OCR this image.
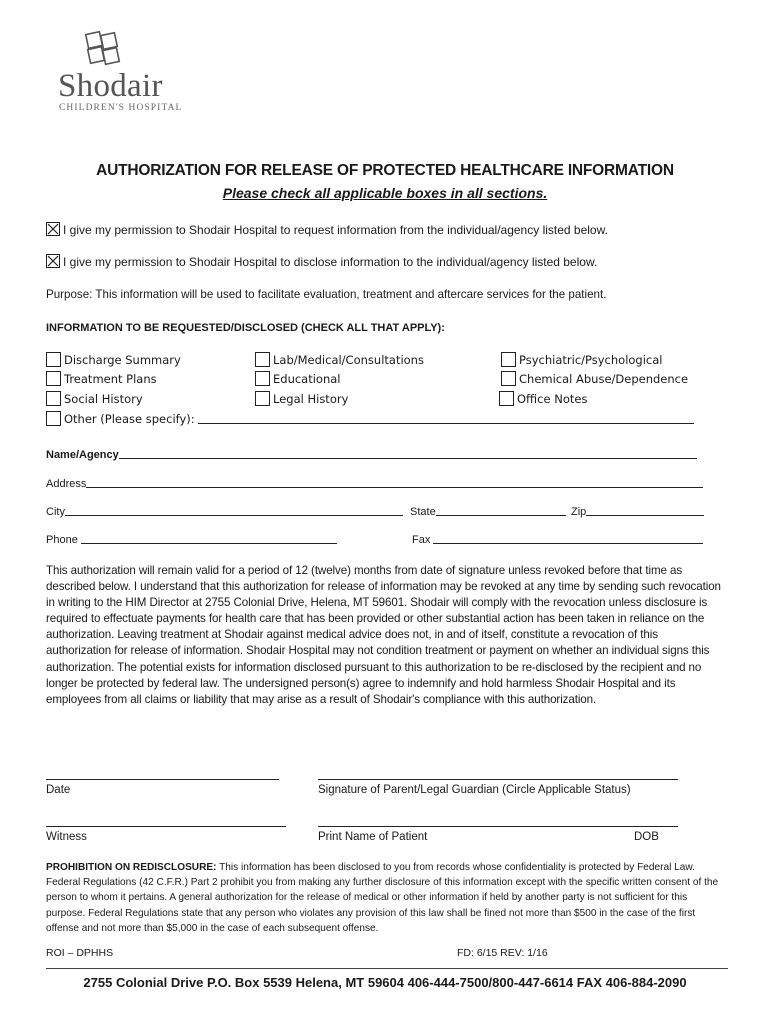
Shodair
CHILDREN'S HOSPITAL
AUTHORIZATION FOR RELEASE OF PROTECTED HEALTHCARE INFORMATION
Please check all applicable boxes in all sections.
I give my permission to Shodair Hospital to request information from the individual/agency listed below.
I give my permission to Shodair Hospital to disclose information to the individual/agency listed below.
Purpose: This information will be used to facilitate evaluation, treatment and aftercare services for the patient.
INFORMATION TO BE REQUESTED/DISCLOSED (CHECK ALL THAT APPLY):
Discharge Summary	Lab/Medical/Consultations	Psychiatric/Psychological
Treatment Plans	Educational	Chemical Abuse/Dependence
Social History	Legal History	Office Notes
Other (Please specify):
Name/Agency
Address
City	State	Zip
Phone	Fax
This authorization will remain valid for a period of 12 (twelve) months from date of signature unless revoked before that time as described below. I understand that this authorization for release of information may be revoked at any time by sending such revocation in writing to the HIM Director at 2755 Colonial Drive, Helena, MT 59601. Shodair will comply with the revocation unless disclosure is required to effectuate payments for health care that has been provided or other substantial action has been taken in reliance on the authorization. Leaving treatment at Shodair against medical advice does not, in and of itself, constitute a revocation of this authorization for release of information. Shodair Hospital may not condition treatment or payment on whether an individual signs this authorization. The potential exists for information disclosed pursuant to this authorization to be re-disclosed by the recipient and no longer be protected by federal law. The undersigned person(s) agree to indemnify and hold harmless Shodair Hospital and its employees from all claims or liability that may arise as a result of Shodair's compliance with this authorization.
Date	Signature of Parent/Legal Guardian (Circle Applicable Status)
Witness	Print Name of Patient	DOB
PROHIBITION ON REDISCLOSURE: This information has been disclosed to you from records whose confidentiality is protected by Federal Law. Federal Regulations (42 C.F.R.) Part 2 prohibit you from making any further disclosure of this information except with the specific written consent of the person to whom it pertains. A general authorization for the release of medical or other information if held by another party is not sufficient for this purpose. Federal Regulations state that any person who violates any provision of this law shall be fined not more than $500 in the case of the first offense and not more than $5,000 in the case of each subsequent offense.
ROI – DPHHS	FD: 6/15 REV: 1/16
2755 Colonial Drive P.O. Box 5539 Helena, MT 59604 406-444-7500/800-447-6614 FAX 406-884-2090
